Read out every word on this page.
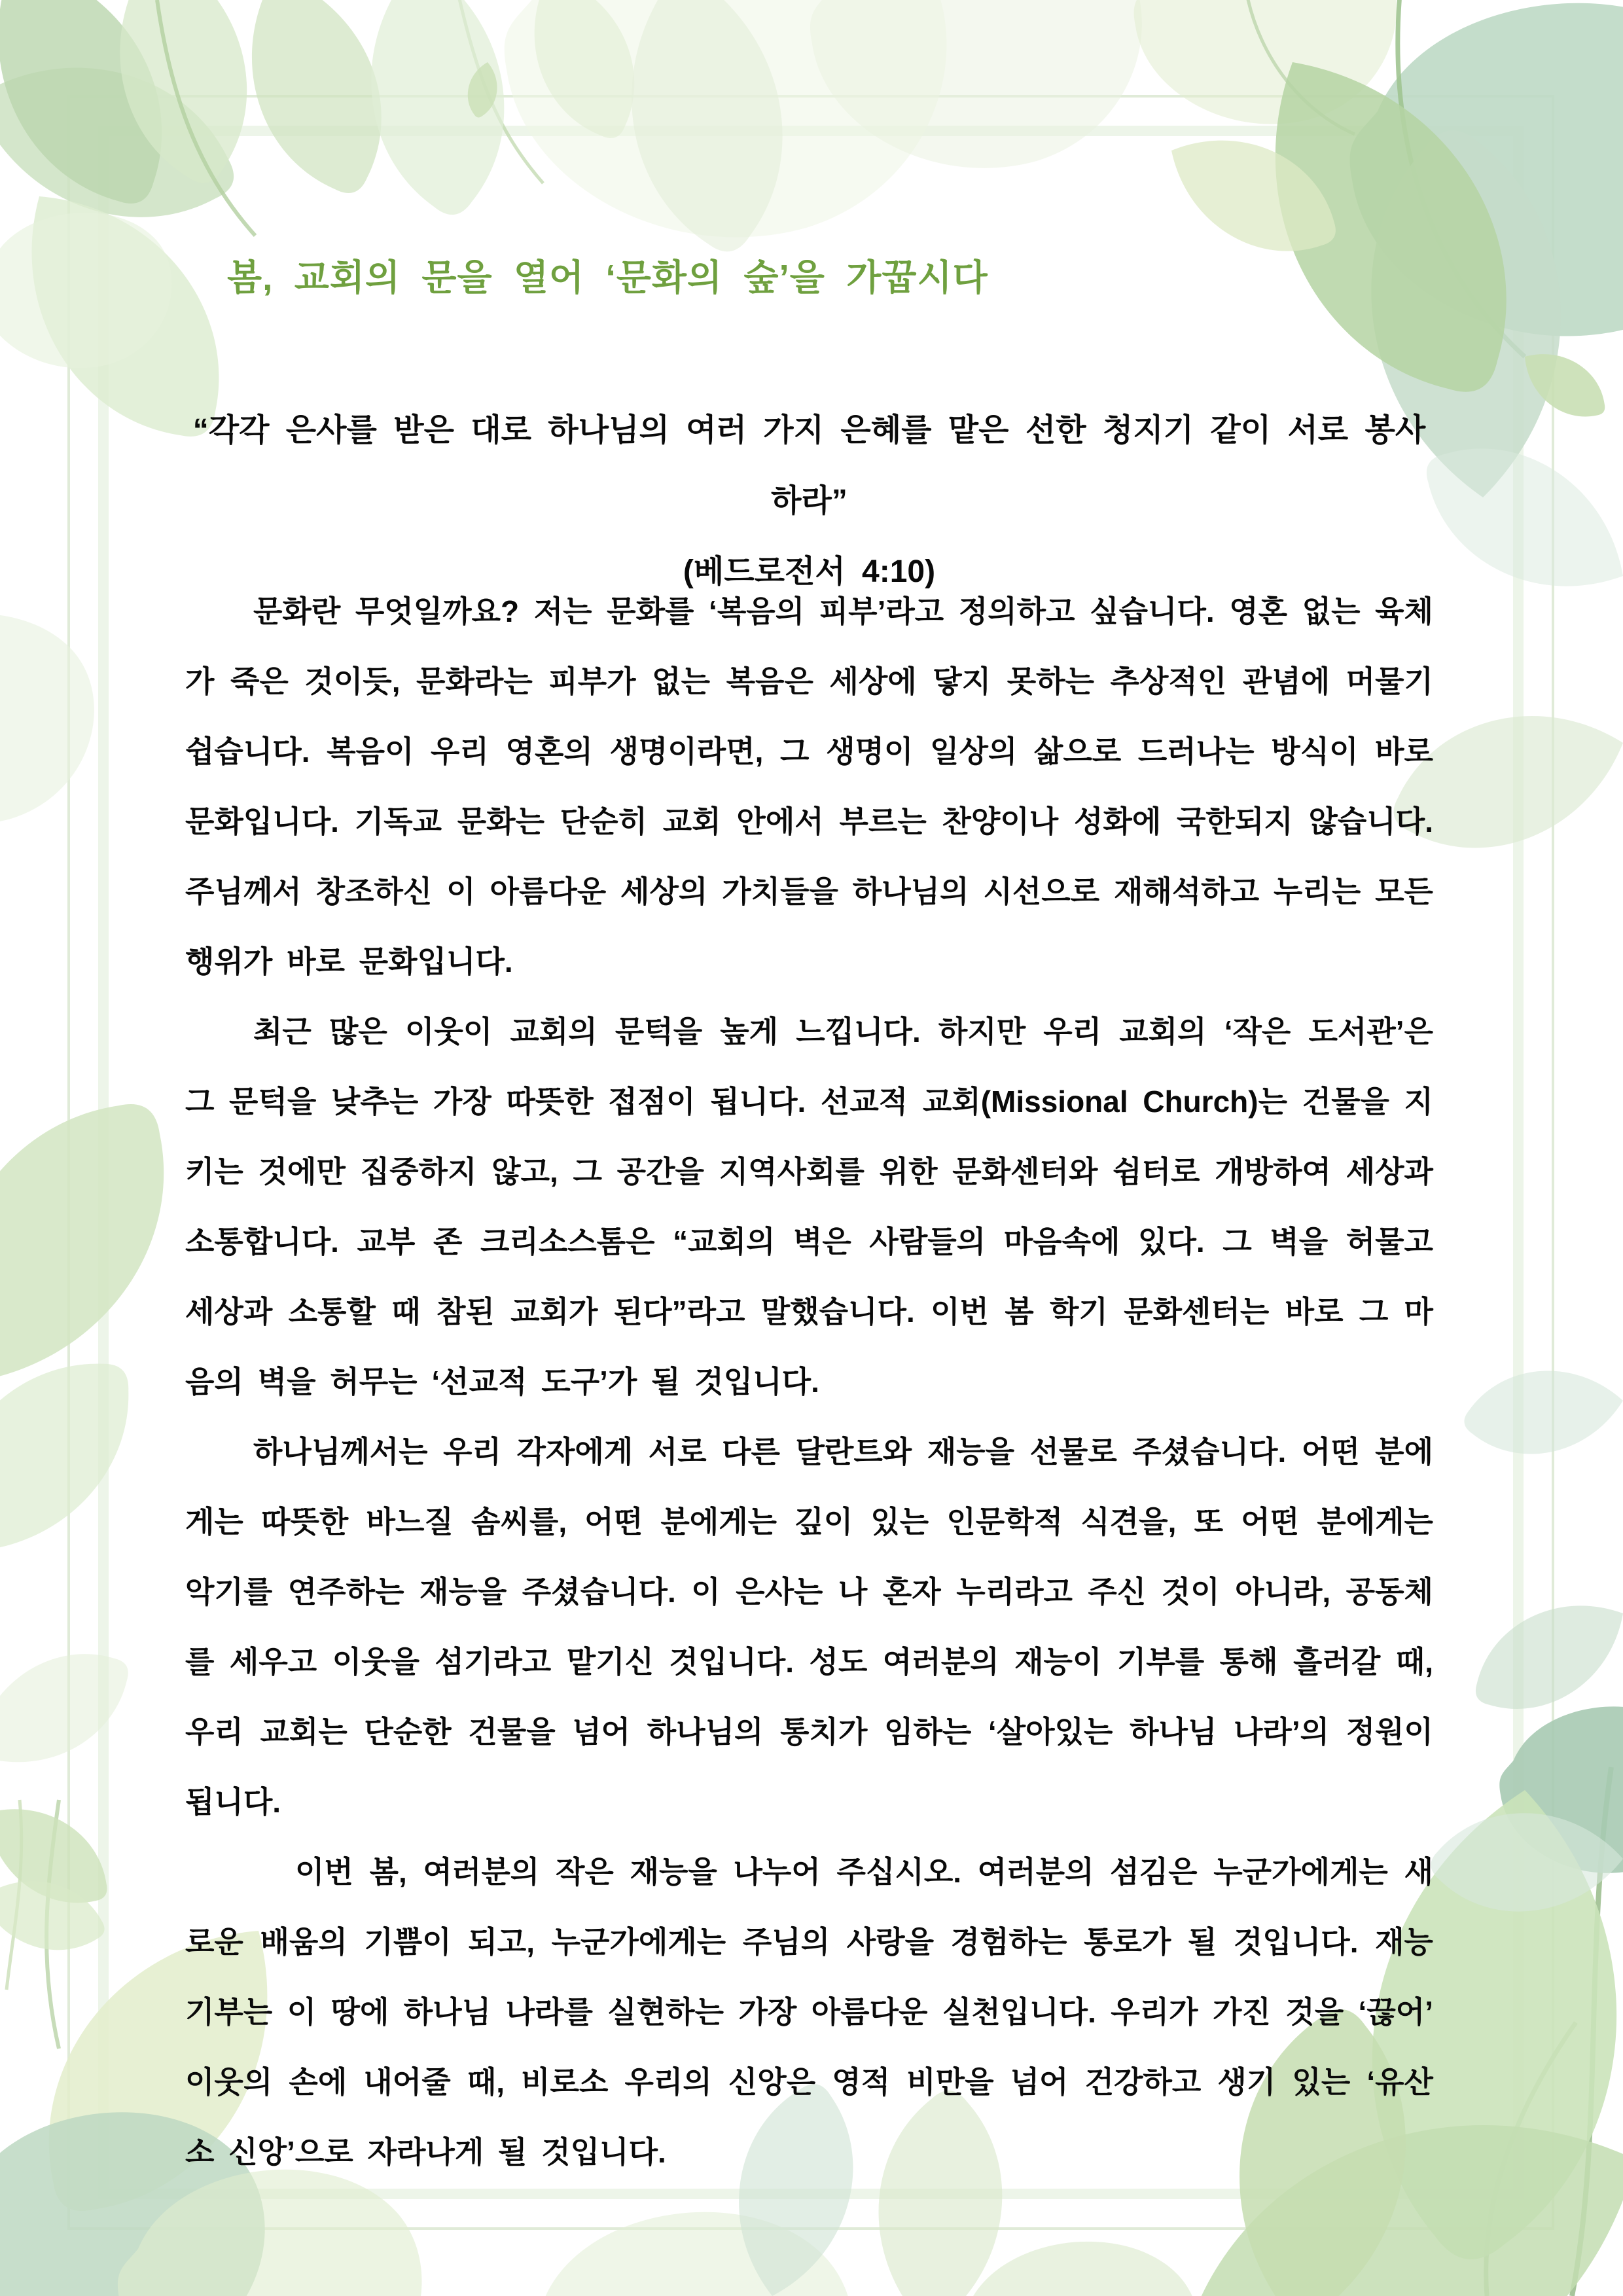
봄, 교회의 문을 열어 ‘문화의 숲’을 가꿉시다

“각각 은사를 받은 대로 하나님의 여러 가지 은혜를 맡은 선한 청지기 같이 서로 봉사하라”

(베드로전서 4:10)

문화란 무엇일까요? 저는 문화를 ‘복음의 피부’라고 정의하고 싶습니다. 영혼 없는 육체가 죽은 것이듯, 문화라는 피부가 없는 복음은 세상에 닿지 못하는 추상적인 관념에 머물기 쉽습니다. 복음이 우리 영혼의 생명이라면, 그 생명이 일상의 삶으로 드러나는 방식이 바로 문화입니다. 기독교 문화는 단순히 교회 안에서 부르는 찬양이나 성화에 국한되지 않습니다. 주님께서 창조하신 이 아름다운 세상의 가치들을 하나님의 시선으로 재해석하고 누리는 모든 행위가 바로 문화입니다.

최근 많은 이웃이 교회의 문턱을 높게 느낍니다. 하지만 우리 교회의 ‘작은 도서관’은 그 문턱을 낮추는 가장 따뜻한 접점이 됩니다. 선교적 교회(Missional Church)는 건물을 지키는 것에만 집중하지 않고, 그 공간을 지역사회를 위한 문화센터와 쉼터로 개방하여 세상과 소통합니다. 교부 존 크리소스톰은 “교회의 벽은 사람들의 마음속에 있다. 그 벽을 허물고 세상과 소통할 때 참된 교회가 된다”라고 말했습니다. 이번 봄 학기 문화센터는 바로 그 마음의 벽을 허무는 ‘선교적 도구’가 될 것입니다.

하나님께서는 우리 각자에게 서로 다른 달란트와 재능을 선물로 주셨습니다. 어떤 분에게는 따뜻한 바느질 솜씨를, 어떤 분에게는 깊이 있는 인문학적 식견을, 또 어떤 분에게는 악기를 연주하는 재능을 주셨습니다. 이 은사는 나 혼자 누리라고 주신 것이 아니라, 공동체를 세우고 이웃을 섬기라고 맡기신 것입니다. 성도 여러분의 재능이 기부를 통해 흘러갈 때, 우리 교회는 단순한 건물을 넘어 하나님의 통치가 임하는 ‘살아있는 하나님 나라’의 정원이 됩니다.

이번 봄, 여러분의 작은 재능을 나누어 주십시오. 여러분의 섬김은 누군가에게는 새로운 배움의 기쁨이 되고, 누군가에게는 주님의 사랑을 경험하는 통로가 될 것입니다. 재능기부는 이 땅에 하나님 나라를 실현하는 가장 아름다운 실천입니다. 우리가 가진 것을 ‘끊어’ 이웃의 손에 내어줄 때, 비로소 우리의 신앙은 영적 비만을 넘어 건강하고 생기 있는 ‘유산소 신앙’으로 자라나게 될 것입니다.
